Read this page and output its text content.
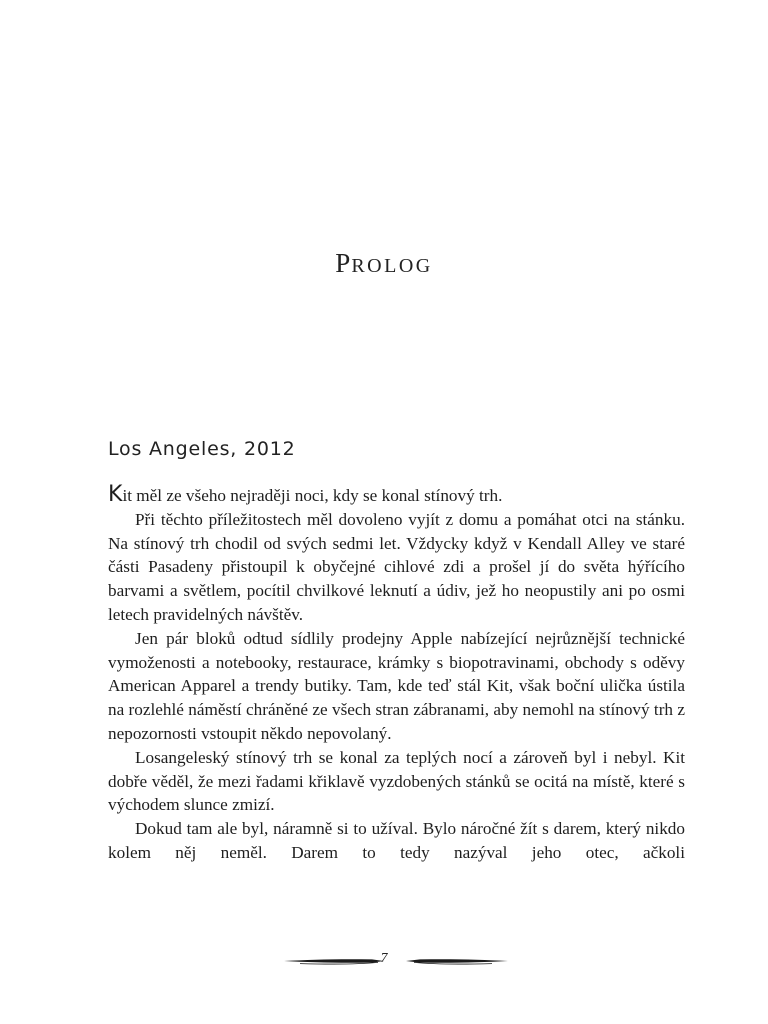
PROLOG
Los Angeles, 2012

Kit měl ze všeho nejraději noci, kdy se konal stínový trh.

Při těchto příležitostech měl dovoleno vyjít z domu a pomáhat otci na stánku. Na stínový trh chodil od svých sedmi let. Vždycky když v Kendall Alley ve staré části Pasadeny přistoupil k obyčejné cihlové zdi a prošel jí do světa hýřícího barvami a světlem, pocítil chvilkové leknutí a údiv, jež ho neopustily ani po osmi letech pravidelných návštěv.

Jen pár bloků odtud sídlily prodejny Apple nabízející nejrůznější technické vymoženosti a notebooky, restaurace, krámky s biopotravinami, obchody s oděvy American Apparel a trendy butiky. Tam, kde teď stál Kit, však boční ulička ústila na rozlehlé náměstí chráněné ze všech stran zábranami, aby nemohl na stínový trh z nepozornosti vstoupit někdo nepovolaný.

Losangeleský stínový trh se konal za teplých nocí a zároveň byl i nebyl. Kit dobře věděl, že mezi řadami křiklavě vyzdobených stánků se ocitá na místě, které s východem slunce zmizí.

Dokud tam ale byl, náramně si to užíval. Bylo náročné žít s darem, který nikdo kolem něj neměl. Darem to tedy nazýval jeho otec, ačkoli

7
